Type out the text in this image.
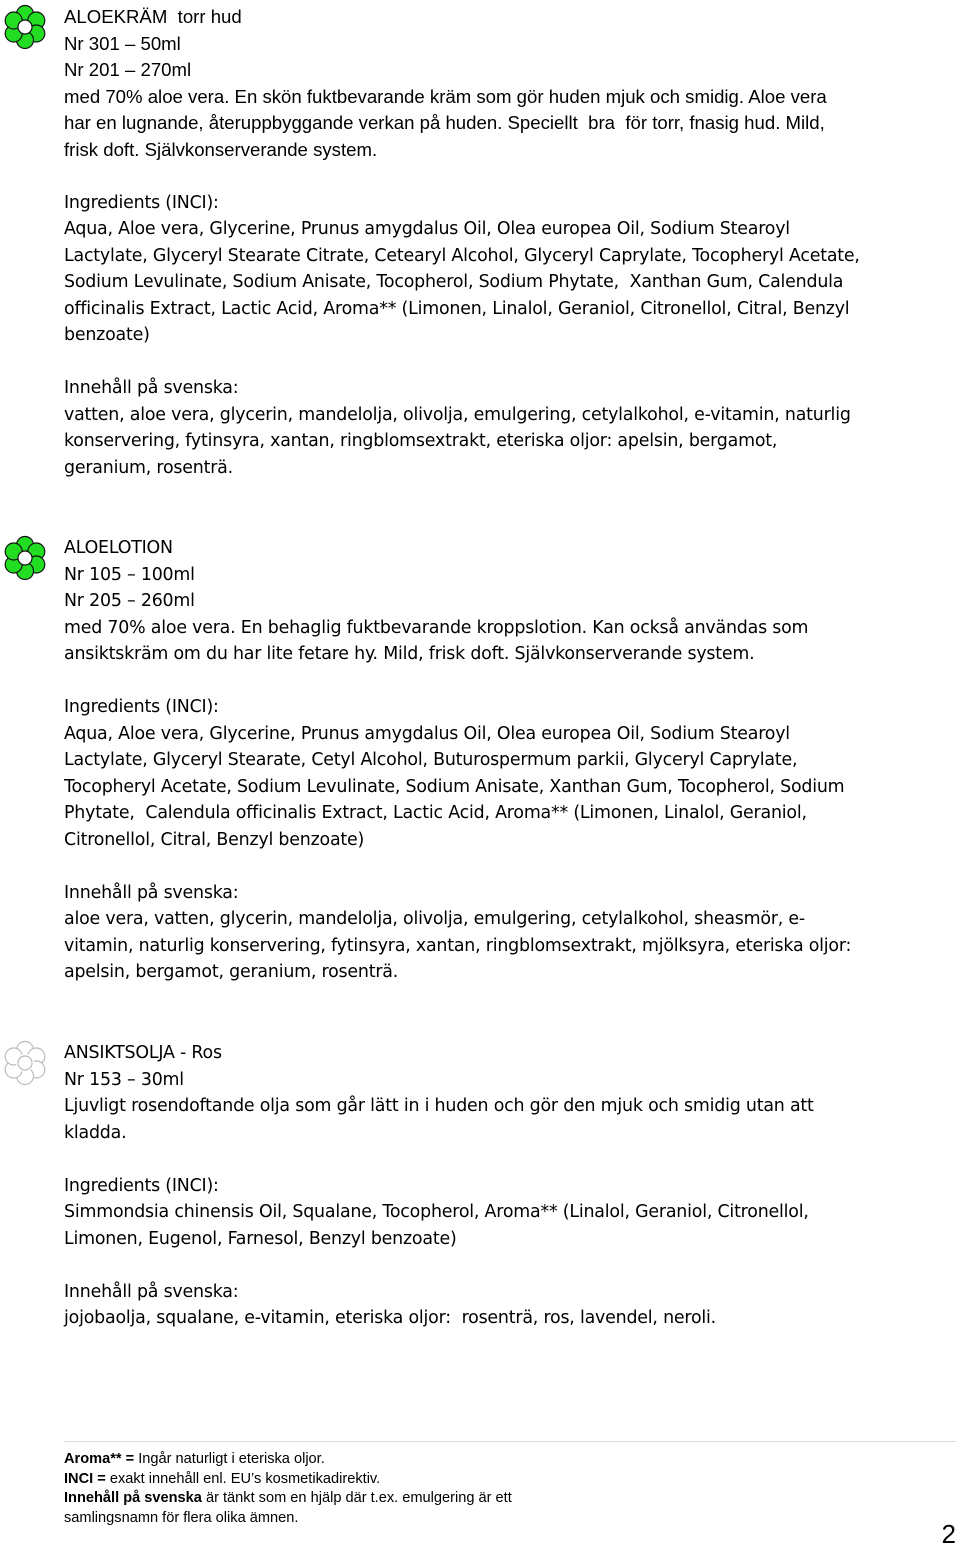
ALOEKRÄM  torr hud
Nr 301 – 50ml
Nr 201 – 270ml
med 70% aloe vera. En skön fuktbevarande kräm som gör huden mjuk och smidig. Aloe vera
har en lugnande, återuppbyggande verkan på huden. Speciellt  bra  för torr, fnasig hud. Mild,
frisk doft. Självkonserverande system.
Ingredients (INCI):
Aqua, Aloe vera, Glycerine, Prunus amygdalus Oil, Olea europea Oil, Sodium Stearoyl
Lactylate, Glyceryl Stearate Citrate, Cetearyl Alcohol, Glyceryl Caprylate, Tocopheryl Acetate,
Sodium Levulinate, Sodium Anisate, Tocopherol, Sodium Phytate,  Xanthan Gum, Calendula
officinalis Extract, Lactic Acid, Aroma** (Limonen, Linalol, Geraniol, Citronellol, Citral, Benzyl
benzoate)
Innehåll på svenska:
vatten, aloe vera, glycerin, mandelolja, olivolja, emulgering, cetylalkohol, e-vitamin, naturlig
konservering, fytinsyra, xantan, ringblomsextrakt, eteriska oljor: apelsin, bergamot,
geranium, rosenträ.
ALOELOTION
Nr 105 – 100ml
Nr 205 – 260ml
med 70% aloe vera. En behaglig fuktbevarande kroppslotion. Kan också användas som
ansiktskräm om du har lite fetare hy. Mild, frisk doft. Självkonserverande system.
Ingredients (INCI):
Aqua, Aloe vera, Glycerine, Prunus amygdalus Oil, Olea europea Oil, Sodium Stearoyl
Lactylate, Glyceryl Stearate, Cetyl Alcohol, Buturospermum parkii, Glyceryl Caprylate,
Tocopheryl Acetate, Sodium Levulinate, Sodium Anisate, Xanthan Gum, Tocopherol, Sodium
Phytate,  Calendula officinalis Extract, Lactic Acid, Aroma** (Limonen, Linalol, Geraniol,
Citronellol, Citral, Benzyl benzoate)
Innehåll på svenska:
aloe vera, vatten, glycerin, mandelolja, olivolja, emulgering, cetylalkohol, sheasmör, e-
vitamin, naturlig konservering, fytinsyra, xantan, ringblomsextrakt, mjölksyra, eteriska oljor:
apelsin, bergamot, geranium, rosenträ.
ANSIKTSOLJA - Ros
Nr 153 – 30ml
Ljuvligt rosendoftande olja som går lätt in i huden och gör den mjuk och smidig utan att
kladda.
Ingredients (INCI):
Simmondsia chinensis Oil, Squalane, Tocopherol, Aroma** (Linalol, Geraniol, Citronellol,
Limonen, Eugenol, Farnesol, Benzyl benzoate)
Innehåll på svenska:
jojobaolja, squalane, e-vitamin, eteriska oljor:  rosenträ, ros, lavendel, neroli.
Aroma** = Ingår naturligt i eteriska oljor.
INCI = exakt innehåll enl. EU’s kosmetikadirektiv.
Innehåll på svenska är tänkt som en hjälp där t.ex. emulgering är ett
samlingsnamn för flera olika ämnen.
2
